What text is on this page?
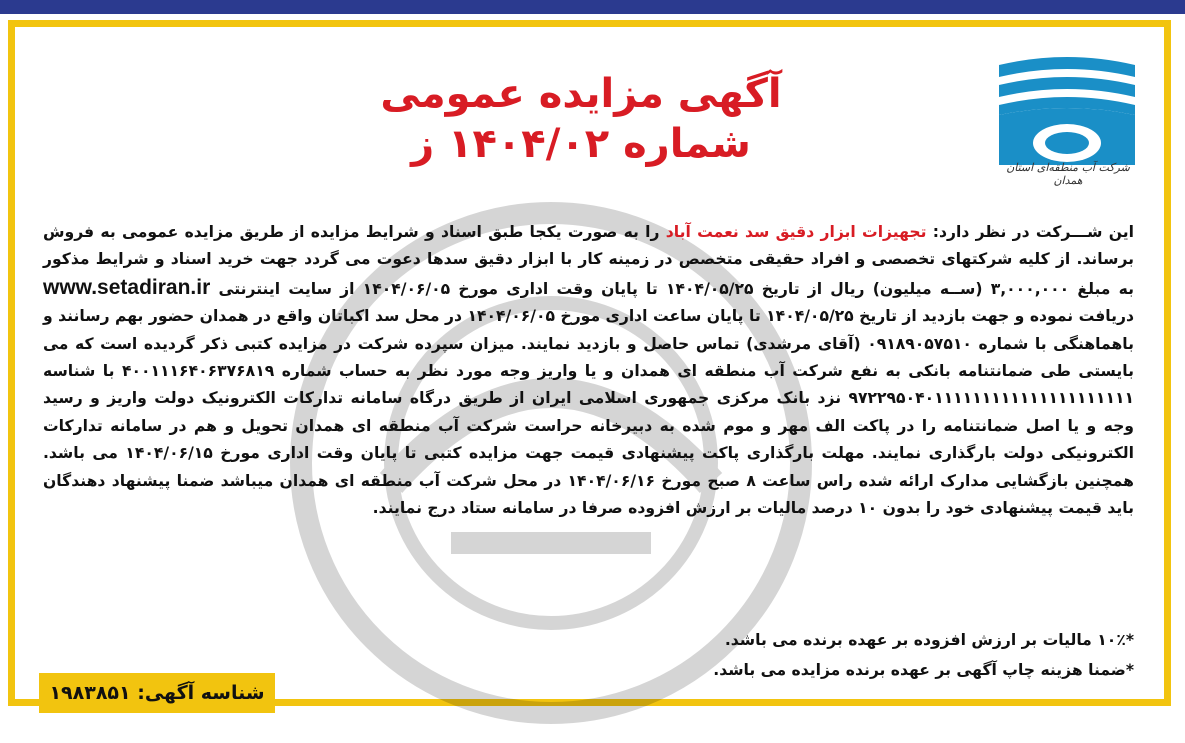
شرکت آب منطقه‌ای استان همدان
آگهی مزایده عمومی
شماره ۱۴۰۴/۰۲ ز
این شـــرکت در نظر دارد: تجهیزات ابزار دقیق سد نعمت آباد را به صورت یکجا طبق اسناد و شرایط مزایده از طریق مزایده عمومی به فروش برساند. از کلیه شرکتهای تخصصی و افراد حقیقی متخصص در زمینه کار با ابزار دقیق سدها دعوت می گردد جهت خرید اسناد و شرایط مذکور به مبلغ ۳,۰۰۰,۰۰۰ (ســه میلیون) ریال از تاریخ ۱۴۰۴/۰۵/۲۵ تا پایان وقت اداری مورخ ۱۴۰۴/۰۶/۰۵ از سایت اینترنتی www.setadiran.ir دریافت نموده و جهت بازدید از تاریخ ۱۴۰۴/۰۵/۲۵ تا پایان ساعت اداری مورخ ۱۴۰۴/۰۶/۰۵ در محل سد اکباتان واقع در همدان حضور بهم رسانند و باهماهنگی با شماره ۰۹۱۸۹۰۵۷۵۱۰ (آقای مرشدی) تماس حاصل و بازدید نمایند. میزان سپرده شرکت در مزایده کتبی ذکر گردیده است که می بایستی طی ضمانتنامه بانکی به نفع شرکت آب منطقه ای همدان و یا واریز وجه مورد نظر به حساب شماره ۴۰۰۱۱۱۶۴۰۶۳۷۶۸۱۹ با شناسه ۹۷۲۲۹۵۰۴۰۱۱۱۱۱۱۱۱۱۱۱۱۱۱۱۱۱۱۱۱۱ نزد بانک مرکزی جمهوری اسلامی ایران از طریق درگاه سامانه تدارکات الکترونیک دولت واریز و رسید وجه و یا اصل ضمانتنامه را در پاکت الف مهر و موم شده به دبیرخانه حراست شرکت آب منطقه ای همدان تحویل و هم در سامانه تدارکات الکترونیکی دولت بارگذاری نمایند. مهلت بارگذاری پاکت پیشنهادی قیمت جهت مزایده کتبی تا پایان وقت اداری مورخ ۱۴۰۴/۰۶/۱۵ می باشد. همچنین بازگشایی مدارک ارائه شده راس ساعت ۸ صبح مورخ ۱۴۰۴/۰۶/۱۶ در محل شرکت آب منطقه ای همدان میباشد ضمنا پیشنهاد دهندگان باید قیمت پیشنهادی خود را بدون ۱۰ درصد مالیات بر ارزش افزوده صرفا در سامانه ستاد درج نمایند.
*۱۰٪ مالیات بر ارزش افزوده بر عهده برنده می باشد.
*ضمنا هزینه چاپ آگهی بر عهده برنده مزایده می باشد.
شناسه آگهی: ۱۹۸۳۸۵۱
